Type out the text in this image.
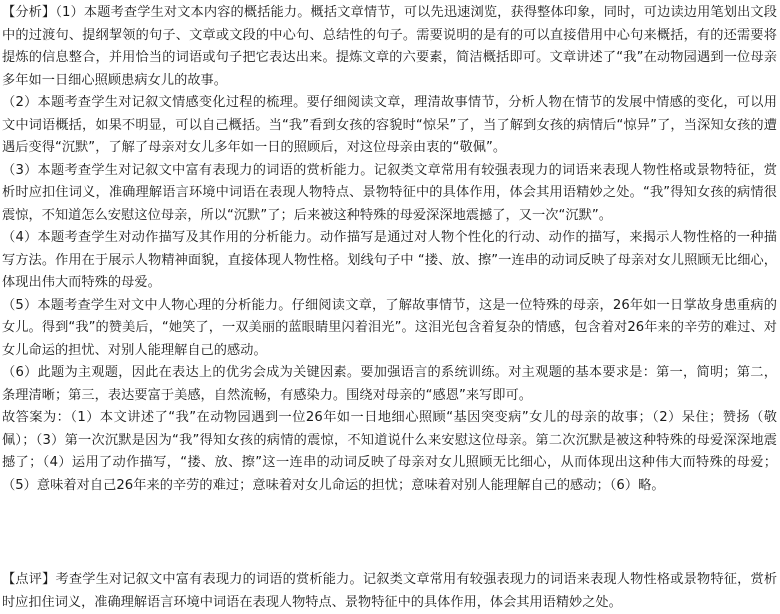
【分析】（1）本题考查学生对文本内容的概括能力。概括文章情节，可以先迅速浏览，获得整体印象，同时，可边读边用笔划出文段中的过渡句、提纲挈领的句子、文章或文段的中心句、总结性的句子。需要说明的是有的可以直接借用中心句来概括，有的还需要将提炼的信息整合，并用恰当的词语或句子把它表达出来。提炼文章的六要素，简洁概括即可。文章讲述了“我”在动物园遇到一位母亲多年如一日细心照顾患病女儿的故事。

（2）本题考查学生对记叙文情感变化过程的梳理。要仔细阅读文章，理清故事情节，分析人物在情节的发展中情感的变化，可以用文中词语概括，如果不明显，可以自己概括。当“我”看到女孩的容貌时“惊呆”了，当了解到女孩的病情后“惊异”了，当深知女孩的遭遇后变得“沉默”，了解了母亲对女儿多年如一日的照顾后，对这位母亲由衷的“敬佩”。

（3）本题考查学生对记叙文中富有表现力的词语的赏析能力。记叙类文章常用有较强表现力的词语来表现人物性格或景物特征，赏析时应扣住词义，准确理解语言环境中词语在表现人物特点、景物特征中的具体作用，体会其用语精妙之处。“我”得知女孩的病情很震惊，不知道怎么安慰这位母亲，所以“沉默”了；后来被这种特殊的母爱深深地震撼了，又一次“沉默”。

（4）本题考查学生对动作描写及其作用的分析能力。动作描写是通过对人物个性化的行动、动作的描写，来揭示人物性格的一种描写方法。作用在于展示人物精神面貌，直接体现人物性格。划线句子中 “搂、放、擦”一连串的动词反映了母亲对女儿照顾无比细心，体现出伟大而特殊的母爱。

（5）本题考查学生对文中人物心理的分析能力。仔细阅读文章，了解故事情节，这是一位特殊的母亲，26年如一日掌故身患重病的女儿。得到“我”的赞美后，“她笑了，一双美丽的蓝眼睛里闪着泪光”。这泪光包含着复杂的情感，包含着对26年来的辛劳的难过、对女儿命运的担忧、对别人能理解自己的感动。

（6）此题为主观题，因此在表达上的优劣会成为关键因素。要加强语言的系统训练。对主观题的基本要求是：第一，简明；第二，条理清晰；第三，表达要富于美感，自然流畅，有感染力。围绕对母亲的“感恩”来写即可。

故答案为：（1）本文讲述了“我”在动物园遇到一位26年如一日地细心照顾“基因突变病”女儿的母亲的故事；（2）呆住；赞扬（敬佩）；（3）第一次沉默是因为“我”得知女孩的病情的震惊，不知道说什么来安慰这位母亲。第二次沉默是被这种特殊的母爱深深地震撼了；（4）运用了动作描写，“搂、放、擦”这一连串的动词反映了母亲对女儿照顾无比细心，从而体现出这种伟大而特殊的母爱；（5）意味着对自己26年来的辛劳的难过；意味着对女儿命运的担忧；意味着对别人能理解自己的感动；（6）略。

【点评】考查学生对记叙文中富有表现力的词语的赏析能力。记叙类文章常用有较强表现力的词语来表现人物性格或景物特征，赏析时应扣住词义，准确理解语言环境中词语在表现人物特点、景物特征中的具体作用，体会其用语精妙之处。
